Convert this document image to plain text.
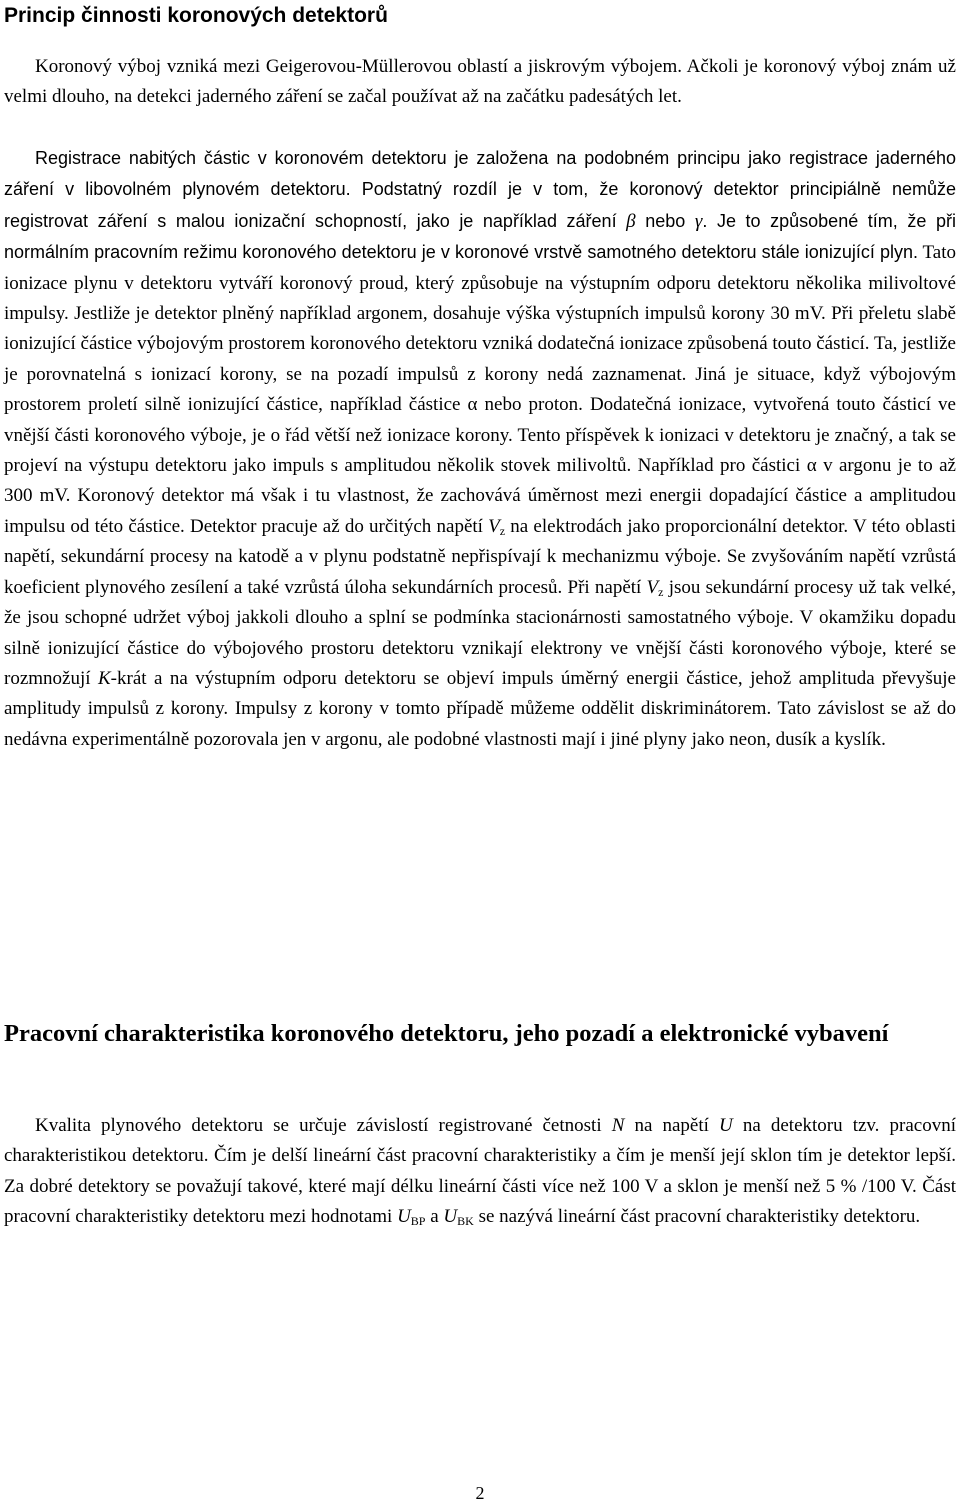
Princip činnosti koronových detektorů

Koronový výboj vzniká mezi Geigerovou-Müllerovou oblastí a jiskrovým výbojem. Ačkoli je koronový výboj znám už velmi dlouho, na detekci jaderného záření se začal používat až na začátku padesátých let.

Registrace nabitých částic v koronovém detektoru je založena na podobném principu jako registrace jaderného záření v libovolném plynovém detektoru. Podstatný rozdíl je v tom, že koronový detektor principiálně nemůže registrovat záření s malou ionizační schopností, jako je například záření β nebo γ. Je to způsobené tím, že při normálním pracovním režimu koronového detektoru je v koronové vrstvě samotného detektoru stále ionizující plyn. Tato ionizace plynu v detektoru vytváří koronový proud, který způsobuje na výstupním odporu detektoru několika milivoltové impulsy. Jestliže je detektor plněný například argonem, dosahuje výška výstupních impulsů korony 30 mV. Při přeletu slabě ionizující částice výbojovým prostorem koronového detektoru vzniká dodatečná ionizace způsobená touto částicí. Ta, jestliže je porovnatelná s ionizací korony, se na pozadí impulsů z korony nedá zaznamenat. Jiná je situace, když výbojovým prostorem proletí silně ionizující částice, například částice α nebo proton. Dodatečná ionizace, vytvořená touto částicí ve vnější části koronového výboje, je o řád větší než ionizace korony. Tento příspěvek k ionizaci v detektoru je značný, a tak se projeví na výstupu detektoru jako impuls s amplitudou několik stovek milivoltů. Například pro částici α v argonu je to až 300 mV. Koronový detektor má však i tu vlastnost, že zachovává úměrnost mezi energii dopadající částice a amplitudou impulsu od této částice. Detektor pracuje až do určitých napětí $V_z$ na elektrodách jako proporcionální detektor. V této oblasti napětí, sekundární procesy na katodě a v plynu podstatně nepřispívají k mechanizmu výboje. Se zvyšováním napětí vzrůstá koeficient plynového zesílení a také vzrůstá úloha sekundárních procesů. Při napětí $V_z$ jsou sekundární procesy už tak velké, že jsou schopné udržet výboj jakkoli dlouho a splní se podmínka stacionárnosti samostatného výboje. V okamžiku dopadu silně ionizující částice do výbojového prostoru detektoru vznikají elektrony ve vnější části koronového výboje, které se rozmnožují K-krát a na výstupním odporu detektoru se objeví impuls úměrný energii částice, jehož amplituda převyšuje amplitudy impulsů z korony. Impulsy z korony v tomto případě můžeme oddělit diskriminátorem. Tato závislost se až do nedávna experimentálně pozorovala jen v argonu, ale podobné vlastnosti mají i jiné plyny jako neon, dusík a kyslík.

Pracovní charakteristika koronového detektoru, jeho pozadí a elektronické vybavení

Kvalita plynového detektoru se určuje závislostí registrované četnosti N na napětí U na detektoru tzv. pracovní charakteristikou detektoru. Čím je delší lineární část pracovní charakteristiky a čím je menší její sklon tím je detektor lepší. Za dobré detektory se považují takové, které mají délku lineární části více než 100 V a sklon je menší než 5 % /100 V. Část pracovní charakteristiky detektoru mezi hodnotami $U_{BP}$ a $U_{BK}$ se nazývá lineární část pracovní charakteristiky detektoru.

2
